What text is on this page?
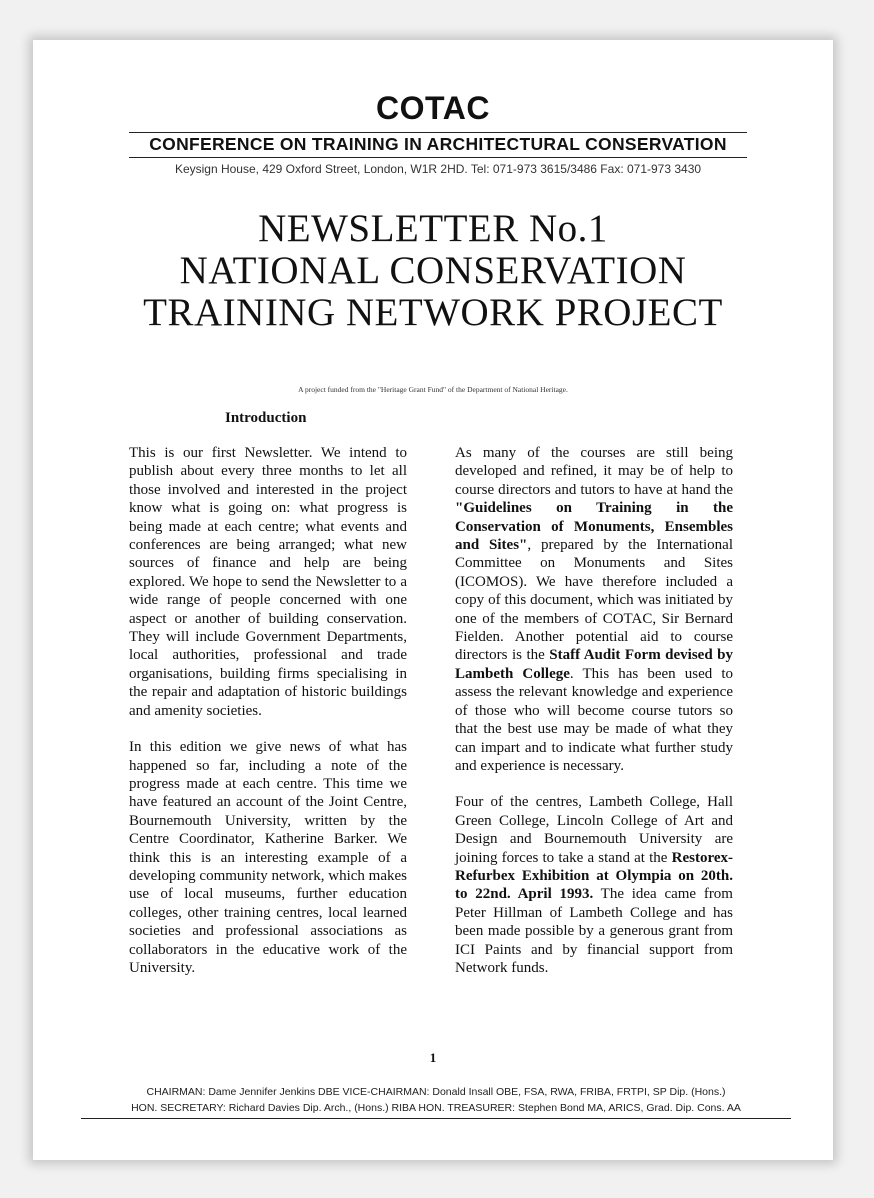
COTAC
CONFERENCE ON TRAINING IN ARCHITECTURAL CONSERVATION
Keysign House, 429 Oxford Street, London, W1R 2HD. Tel: 071-973 3615/3486 Fax: 071-973 3430
NEWSLETTER No.1
NATIONAL CONSERVATION
TRAINING NETWORK PROJECT
A project funded from the "Heritage Grant Fund" of the Department of National Heritage.
Introduction

This is our first Newsletter. We intend to publish about every three months to let all those involved and interested in the project know what is going on: what progress is being made at each centre; what events and conferences are being arranged; what new sources of finance and help are being explored. We hope to send the Newsletter to a wide range of people concerned with one aspect or another of building conservation. They will include Government Departments, local authorities, professional and trade organisations, building firms specialising in the repair and adaptation of historic buildings and amenity societies.

In this edition we give news of what has happened so far, including a note of the progress made at each centre. This time we have featured an account of the Joint Centre, Bournemouth University, written by the Centre Coordinator, Katherine Barker. We think this is an interesting example of a developing community network, which makes use of local museums, further education colleges, other training centres, local learned societies and professional associations as collaborators in the educative work of the University.

As many of the courses are still being developed and refined, it may be of help to course directors and tutors to have at hand the "Guidelines on Training in the Conservation of Monuments, Ensembles and Sites", prepared by the International Committee on Monuments and Sites (ICOMOS). We have therefore included a copy of this document, which was initiated by one of the members of COTAC, Sir Bernard Fielden. Another potential aid to course directors is the Staff Audit Form devised by Lambeth College. This has been used to assess the relevant knowledge and experience of those who will become course tutors so that the best use may be made of what they can impart and to indicate what further study and experience is necessary.

Four of the centres, Lambeth College, Hall Green College, Lincoln College of Art and Design and Bournemouth University are joining forces to take a stand at the Restorex-Refurbex Exhibition at Olympia on 20th. to 22nd. April 1993. The idea came from Peter Hillman of Lambeth College and has been made possible by a generous grant from ICI Paints and by financial support from Network funds.

1
CHAIRMAN: Dame Jennifer Jenkins DBE VICE-CHAIRMAN: Donald Insall OBE, FSA, RWA, FRIBA, FRTPI, SP Dip. (Hons.)
HON. SECRETARY: Richard Davies Dip. Arch., (Hons.) RIBA HON. TREASURER: Stephen Bond MA, ARICS, Grad. Dip. Cons. AA
